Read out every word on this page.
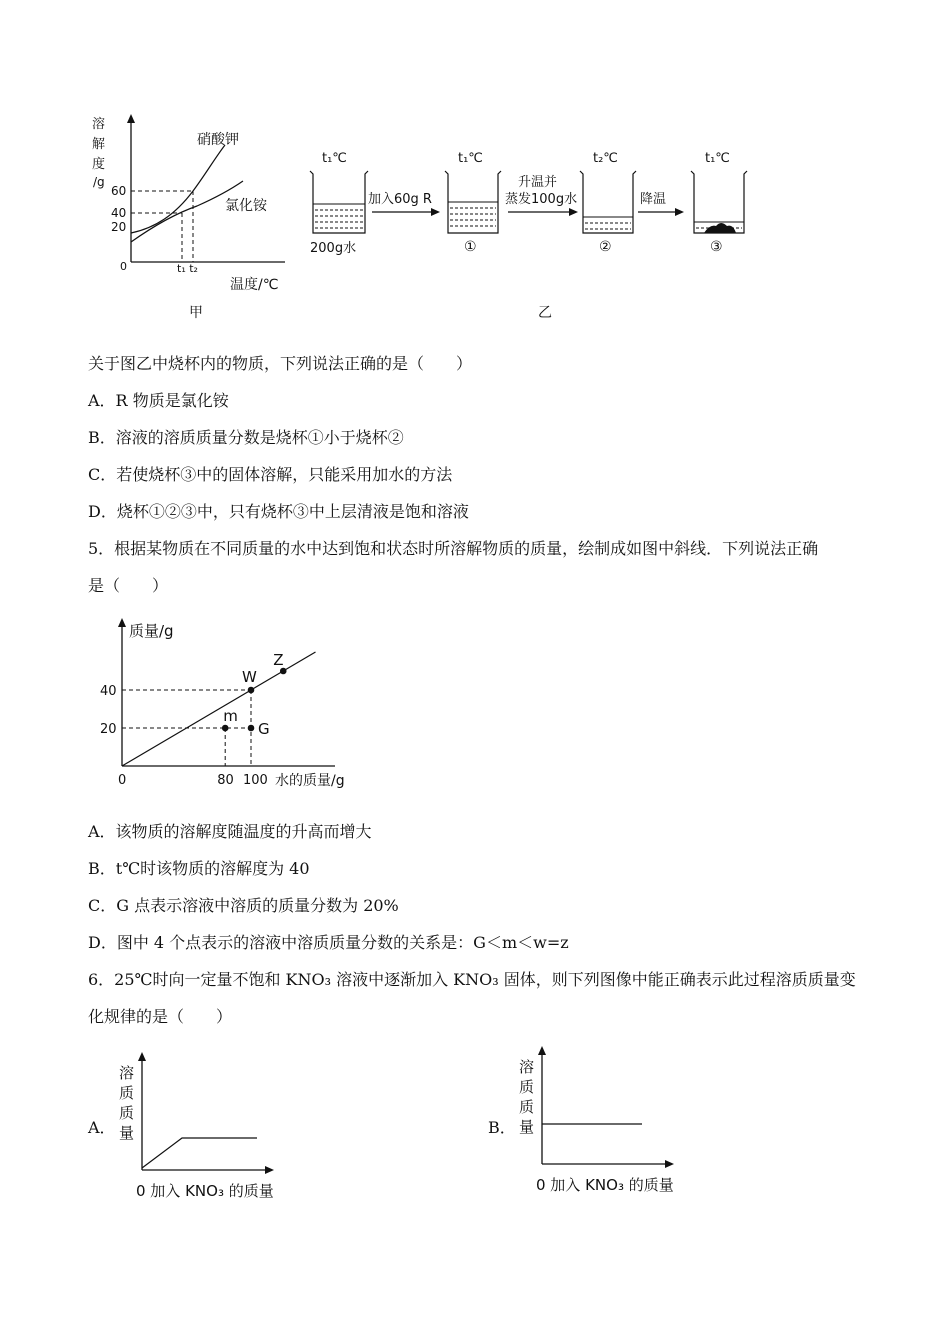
溶
解
度
/g
60
40
20
0	t₁ t₂
硝酸钾
氯化铵
温度/℃
甲
t₁℃
200g水
加入60g R
t₁℃
①
升温并
蒸发100g水
t₂℃
②
降温
t₁℃
③
乙
关于图乙中烧杯内的物质，下列说法正确的是（　　）
A．R 物质是氯化铵
B．溶液的溶质质量分数是烧杯①小于烧杯②
C．若使烧杯③中的固体溶解，只能采用加水的方法
D．烧杯①②③中，只有烧杯③中上层清液是饱和溶液
5．根据某物质在不同质量的水中达到饱和状态时所溶解物质的质量，绘制成如图中斜线．下列说法正确
是（　　）
质量/g
水的质量/g
0
40
20
80 100
W
Z
m
G
A．该物质的溶解度随温度的升高而增大
B．t℃时该物质的溶解度为 40
C．G 点表示溶液中溶质的质量分数为 20%
D．图中 4 个点表示的溶液中溶质质量分数的关系是：G＜m＜w=z
6．25℃时向一定量不饱和 KNO₃ 溶液中逐渐加入 KNO₃ 固体，则下列图像中能正确表示此过程溶质质量变
化规律的是（　　）
A．
溶
质
质
量
0 加入 KNO₃ 的质量
B．
溶
质
质
量
0 加入 KNO₃ 的质量
